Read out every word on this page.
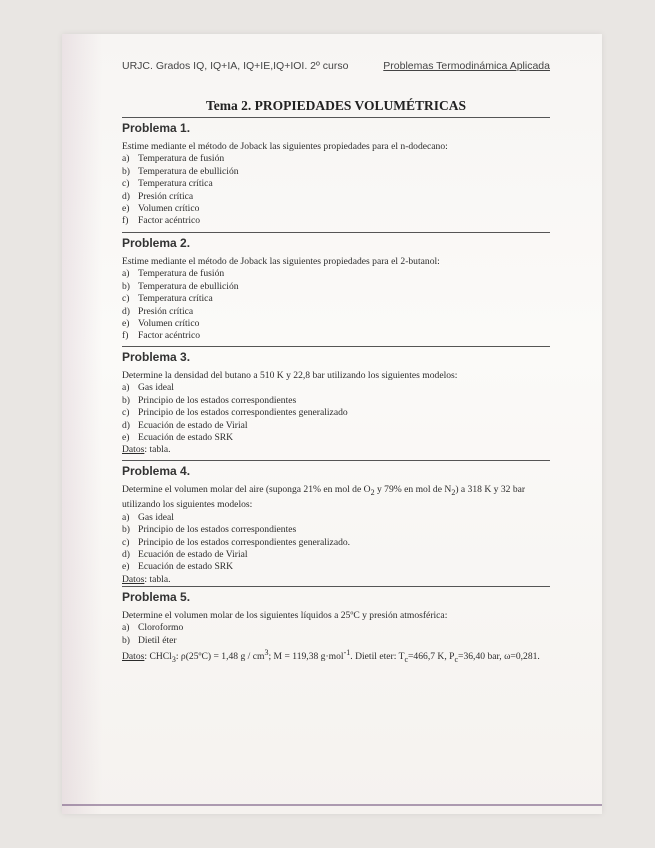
URJC. Grados IQ, IQ+IA, IQ+IE,IQ+IOI. 2º curso	Problemas Termodinámica Aplicada
Tema 2. PROPIEDADES VOLUMÉTRICAS
Problema 1.
Estime mediante el método de Joback las siguientes propiedades para el n-dodecano:
a) Temperatura de fusión
b) Temperatura de ebullición
c) Temperatura crítica
d) Presión crítica
e) Volumen crítico
f)	Factor acéntrico
Problema 2.
Estime mediante el método de Joback las siguientes propiedades para el 2-butanol:
a) Temperatura de fusión
b) Temperatura de ebullición
c) Temperatura crítica
d) Presión crítica
e) Volumen crítico
f)	Factor acéntrico
Problema 3.
Determine la densidad del butano a 510 K y 22,8 bar utilizando los siguientes modelos:
a) Gas ideal
b) Principio de los estados correspondientes
c) Principio de los estados correspondientes generalizado
d) Ecuación de estado de Virial
e) Ecuación de estado SRK
Datos: tabla.
Problema 4.
Determine el volumen molar del aire (suponga 21% en mol de $O_2$ y 79% en mol de $N_2$) a 318 K y 32 bar utilizando los siguientes modelos:
a) Gas ideal
b) Principio de los estados correspondientes
c) Principio de los estados correspondientes generalizado.
d) Ecuación de estado de Virial
e) Ecuación de estado SRK
Datos: tabla.
Problema 5.
Determine el volumen molar de los siguientes líquidos a 25ºC y presión atmosférica:
a) Cloroformo
b) Dietil éter
Datos: CHCl$_3$: ρ(25ºC) = 1,48 g / $cm^3$; M = 119,38 g·mol$^{-1}$. Dietil eter: $T_c=466,7$ K, $P_c=36,40$ bar, ω=0,281.
